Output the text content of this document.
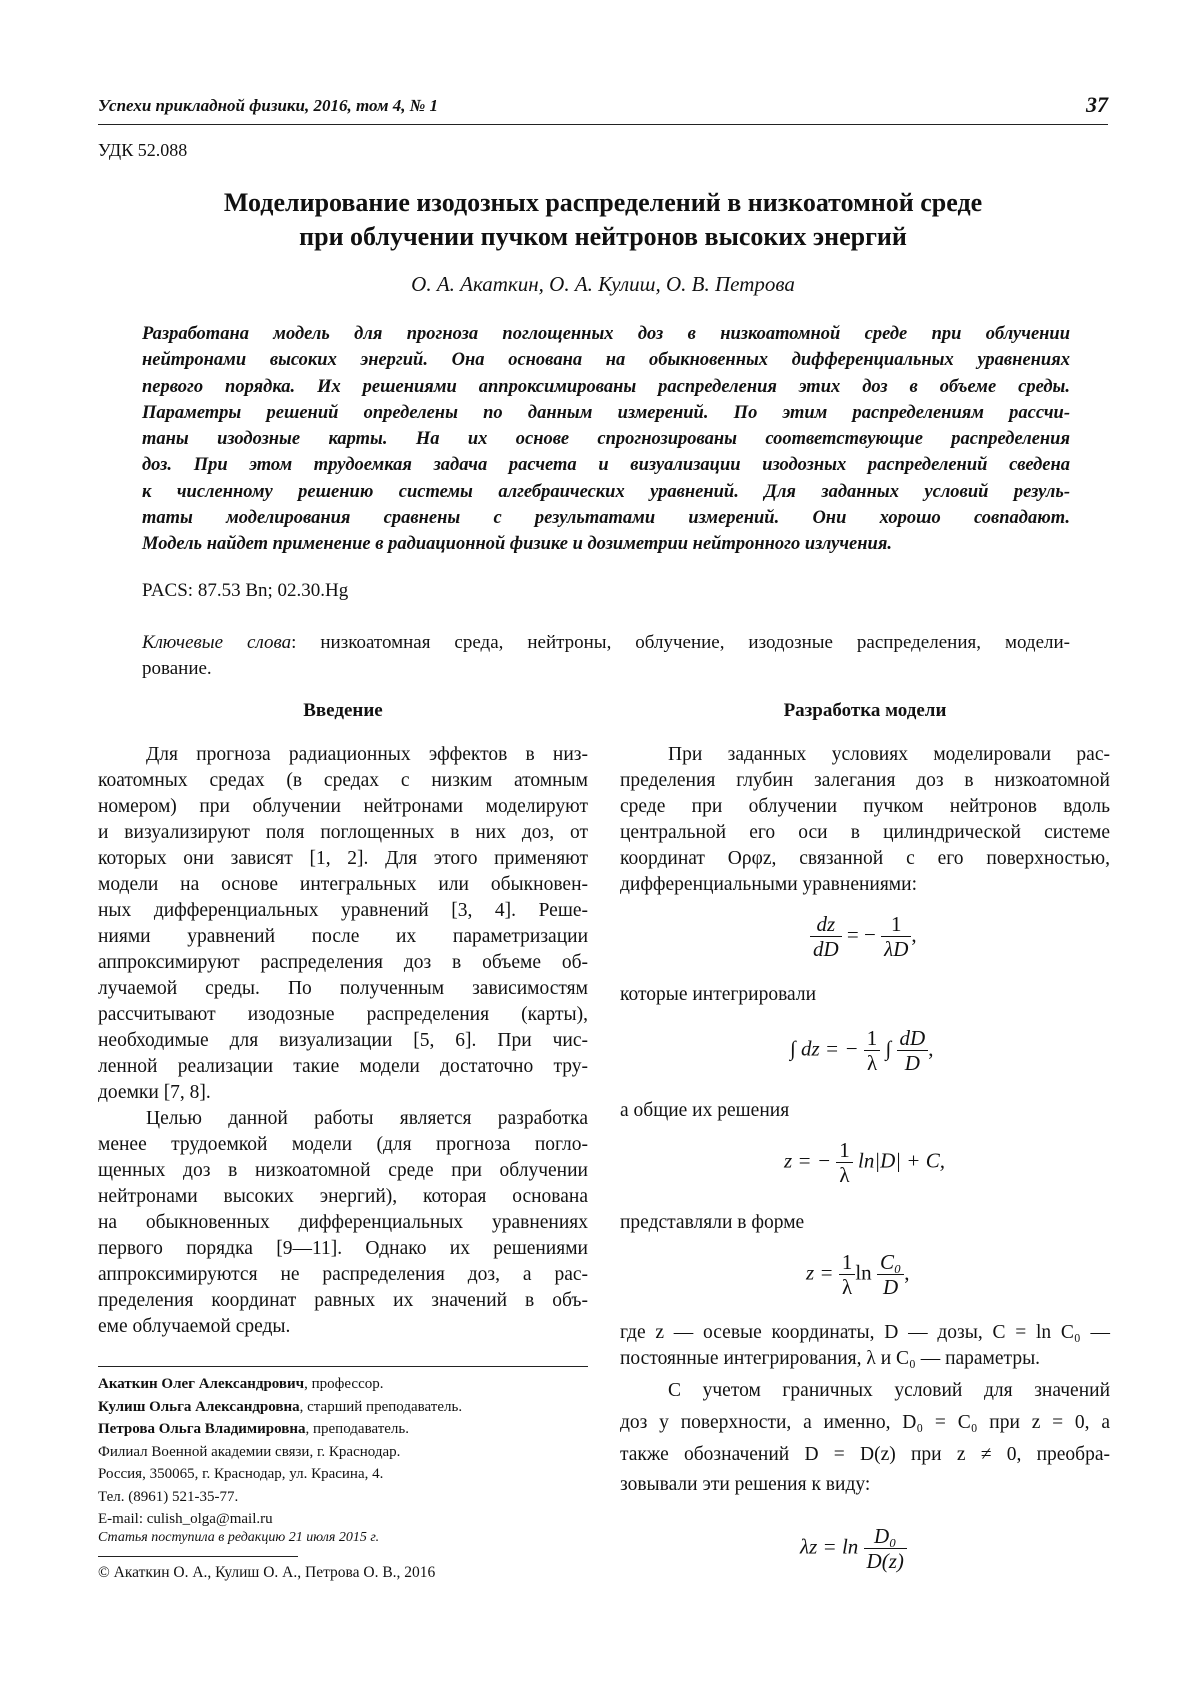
Успехи прикладной физики, 2016, том 4, № 1	37
УДК 52.088
Моделирование изодозных распределений в низкоатомной среде
при облучении пучком нейтронов высоких энергий
О. А. Акаткин, О. А. Кулиш, О. В. Петрова
Разработана модель для прогноза поглощенных доз в низкоатомной среде при облучении
нейтронами высоких энергий. Она основана на обыкновенных дифференциальных уравнениях
первого порядка. Их решениями аппроксимированы распределения этих доз в объеме среды.
Параметры решений определены по данным измерений. По этим распределениям рассчи-
таны изодозные карты. На их основе спрогнозированы соответствующие распределения
доз. При этом трудоемкая задача расчета и визуализации изодозных распределений сведена
к численному решению системы алгебраических уравнений. Для заданных условий резуль-
таты моделирования сравнены с результатами измерений. Они хорошо совпадают.
Модель найдет применение в радиационной физике и дозиметрии нейтронного излучения.
PACS: 87.53 Bn; 02.30.Hg
Ключевые слова: низкоатомная среда, нейтроны, облучение, изодозные распределения, модели-
рование.
Введение
Для прогноза радиационных эффектов в низ-
коатомных средах (в средах с низким атомным
номером) при облучении нейтронами моделируют
и визуализируют поля поглощенных в них доз, от
которых они зависят [1, 2]. Для этого применяют
модели на основе интегральных или обыкновен-
ных дифференциальных уравнений [3, 4]. Реше-
ниями уравнений после их параметризации
аппроксимируют распределения доз в объеме об-
лучаемой среды. По полученным зависимостям
рассчитывают изодозные распределения (карты),
необходимые для визуализации [5, 6]. При чис-
ленной реализации такие модели достаточно тру-
доемки [7, 8].
Целью данной работы является разработка
менее трудоемкой модели (для прогноза погло-
щенных доз в низкоатомной среде при облучении
нейтронами высоких энергий), которая основана
на обыкновенных дифференциальных уравнениях
первого порядка [9—11]. Однако их решениями
аппроксимируются не распределения доз, а рас-
пределения координат равных их значений в объ-
еме облучаемой среды.
Акаткин Олег Александрович, профессор.
Кулиш Ольга Александровна, старший преподаватель.
Петрова Ольга Владимировна, преподаватель.
Филиал Военной академии связи, г. Краснодар.
Россия, 350065, г. Краснодар, ул. Красина, 4.
Тел. (8961) 521-35-77.
E-mail: culish_olga@mail.ru
Статья поступила в редакцию 21 июля 2015 г.
© Акаткин О. А., Кулиш О. А., Петрова О. В., 2016
Разработка модели
При заданных условиях моделировали рас-
пределения глубин залегания доз в низкоатомной
среде при облучении пучком нейтронов вдоль
центральной его оси в цилиндрической системе
координат Oρφz, связанной с его поверхностью,
дифференциальными уравнениями:
$\frac{dz}{dD}$ = − $\frac{1}{\lambda D}$ ,
которые интегрировали
∫ dz = − $\frac{1}{\lambda}$ ∫ $\frac{dD}{D}$ ,
а общие их решения
z = − $\frac{1}{\lambda} \ln|D| + C$,
представляли в форме
$z = \frac{1}{\lambda}$ $\ln \frac{\text{C₀}}{D}$ ,
где z — осевые координаты, D — дозы, C = ln C₀ —
постоянные интегрирования, λ и C₀ — параметры.
С учетом граничных условий для значений
доз у поверхности, а именно, D₀ = C₀ при z = 0, а
также обозначений D = D(z) при z ≠ 0, преобра-
зовывали эти решения к виду:
$\lambda z = \ln \frac{\text{D₀}}{D(z)}$
